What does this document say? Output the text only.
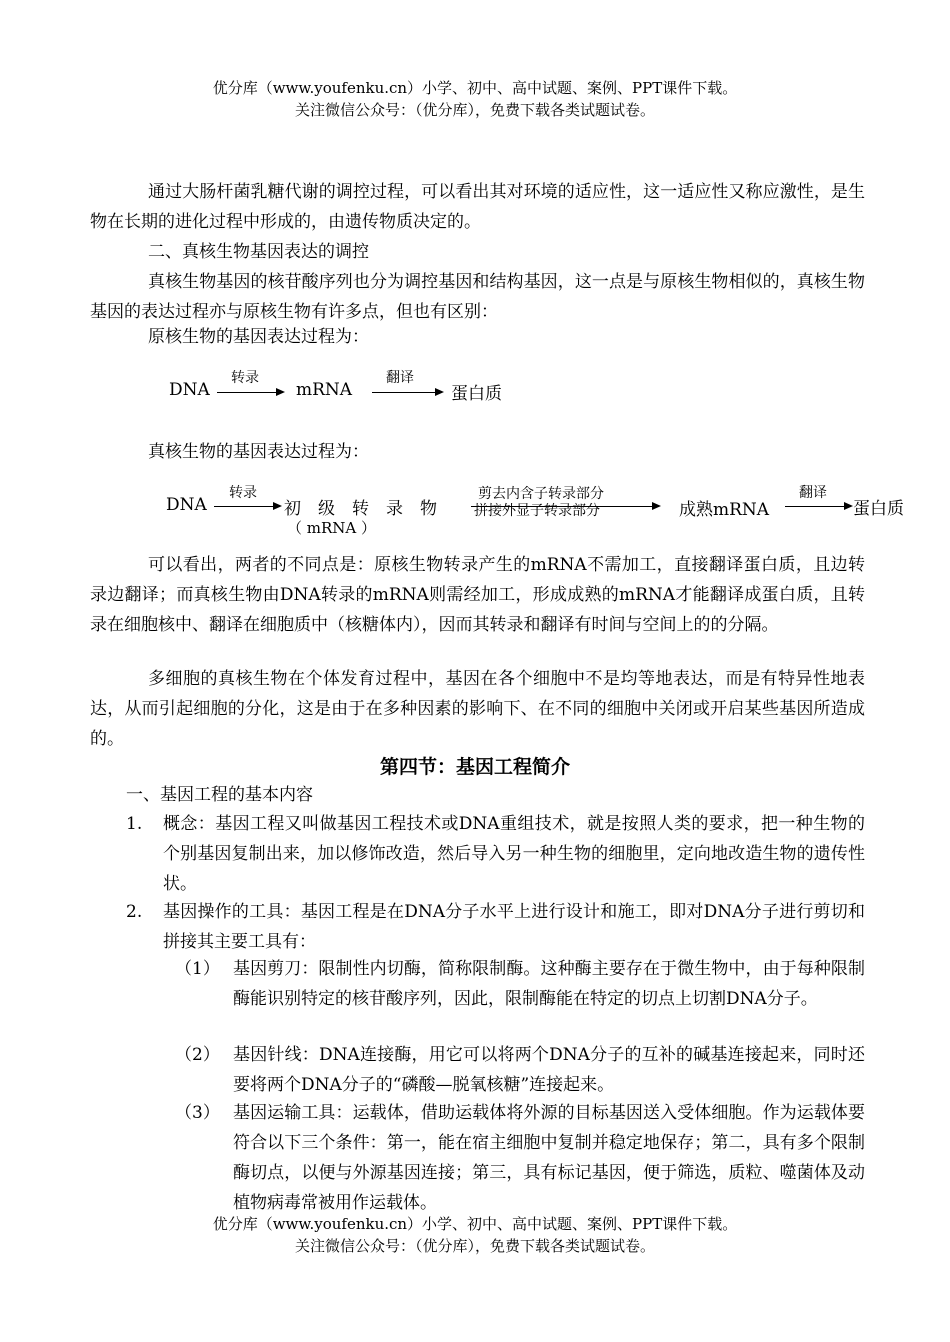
优分库（www.youfenku.cn）小学、初中、高中试题、案例、PPT课件下载。
关注微信公众号：（优分库），免费下载各类试题试卷。
通过大肠杆菌乳糖代谢的调控过程，可以看出其对环境的适应性，这一适应性又称应激性，是生物在长期的进化过程中形成的，由遗传物质决定的。
二、真核生物基因表达的调控
真核生物基因的核苷酸序列也分为调控基因和结构基因，这一点是与原核生物相似的，真核生物基因的表达过程亦与原核生物有许多点，但也有区别：
原核生物的基因表达过程为：
DNA
转录
mRNA
翻译
蛋白质
真核生物的基因表达过程为：
DNA
转录
初　级　转　录　物
（ mRNA ）
剪去内含子转录部分
拼接外显子转录部分	成熟mRNA
翻译
蛋白质
可以看出，两者的不同点是：原核生物转录产生的mRNA不需加工，直接翻译蛋白质，且边转录边翻译；而真核生物由DNA转录的mRNA则需经加工，形成成熟的mRNA才能翻译成蛋白质，且转录在细胞核中、翻译在细胞质中（核糖体内），因而其转录和翻译有时间与空间上的的分隔。
多细胞的真核生物在个体发育过程中，基因在各个细胞中不是均等地表达，而是有特异性地表达，从而引起细胞的分化，这是由于在多种因素的影响下、在不同的细胞中关闭或开启某些基因所造成的。
第四节：基因工程简介
一、基因工程的基本内容
1. 概念：基因工程又叫做基因工程技术或DNA重组技术，就是按照人类的要求，把一种生物的个别基因复制出来，加以修饰改造，然后导入另一种生物的细胞里，定向地改造生物的遗传性状。
2. 基因操作的工具：基因工程是在DNA分子水平上进行设计和施工，即对DNA分子进行剪切和拼接其主要工具有：
（1） 基因剪刀：限制性内切酶，简称限制酶。这种酶主要存在于微生物中，由于每种限制酶能识别特定的核苷酸序列，因此，限制酶能在特定的切点上切割DNA分子。
（2） 基因针线：DNA连接酶，用它可以将两个DNA分子的互补的碱基连接起来，同时还要将两个DNA分子的“磷酸—脱氧核糖”连接起来。
（3） 基因运输工具：运载体，借助运载体将外源的目标基因送入受体细胞。作为运载体要符合以下三个条件：第一，能在宿主细胞中复制并稳定地保存；第二，具有多个限制酶切点，以便与外源基因连接；第三，具有标记基因，便于筛选，质粒、噬菌体及动植物病毒常被用作运载体。
优分库（www.youfenku.cn）小学、初中、高中试题、案例、PPT课件下载。
关注微信公众号：（优分库），免费下载各类试题试卷。
